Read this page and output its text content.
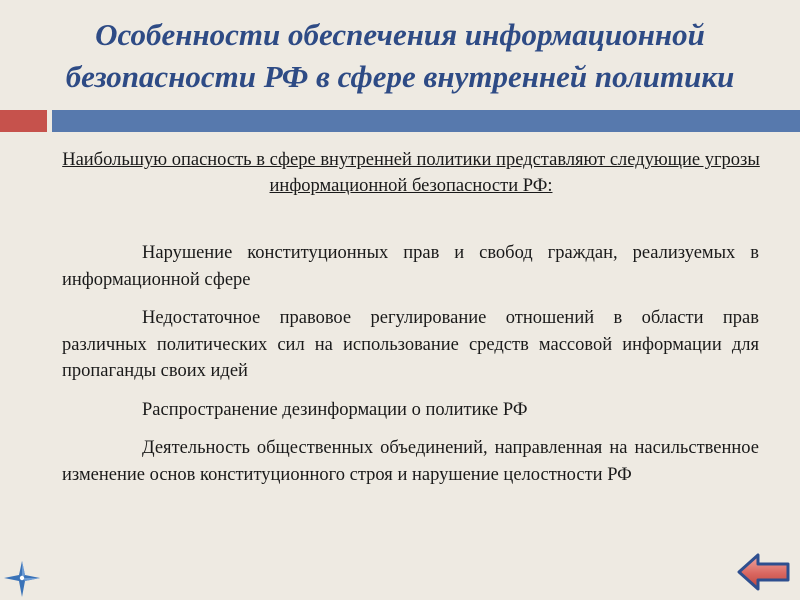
Особенности обеспечения информационной безопасности РФ в сфере внутренней политики
Наибольшую опасность в сфере внутренней политики представляют следующие угрозы информационной безопасности РФ:
Нарушение конституционных прав и свобод граждан, реализуемых в информационной сфере
Недостаточное правовое регулирование отношений в области прав различных политических сил на использование средств массовой информации для пропаганды своих идей
Распространение дезинформации о политике РФ
Деятельность общественных объединений, направленная на насильственное изменение основ конституционного строя и нарушение целостности РФ
